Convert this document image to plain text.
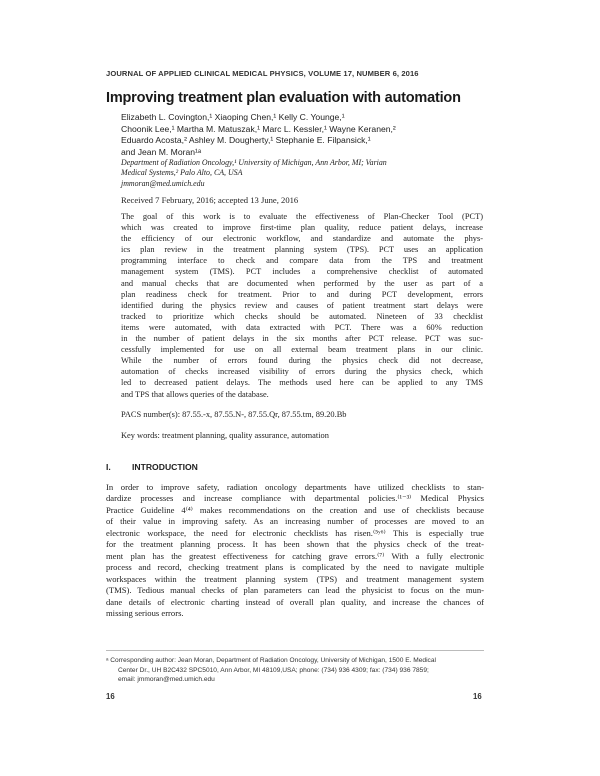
JOURNAL OF APPLIED CLINICAL MEDICAL PHYSICS, VOLUME 17, NUMBER 6, 2016
Improving treatment plan evaluation with automation
Elizabeth L. Covington,¹ Xiaoping Chen,¹ Kelly C. Younge,¹
Choonik Lee,¹ Martha M. Matuszak,¹ Marc L. Kessler,¹ Wayne Keranen,²
Eduardo Acosta,² Ashley M. Dougherty,¹ Stephanie E. Filpansick,¹
and Jean M. Moran¹ᵃ
Department of Radiation Oncology,¹ University of Michigan, Ann Arbor, MI; Varian
Medical Systems,² Palo Alto, CA, USA
jmmoran@med.umich.edu
Received 7 February, 2016; accepted 13 June, 2016
The goal of this work is to evaluate the effectiveness of Plan-Checker Tool (PCT)
which was created to improve first-time plan quality, reduce patient delays, increase
the efficiency of our electronic workflow, and standardize and automate the phys-
ics plan review in the treatment planning system (TPS). PCT uses an application
programming interface to check and compare data from the TPS and treatment
management system (TMS). PCT includes a comprehensive checklist of automated
and manual checks that are documented when performed by the user as part of a
plan readiness check for treatment. Prior to and during PCT development, errors
identified during the physics review and causes of patient treatment start delays were
tracked to prioritize which checks should be automated. Nineteen of 33 checklist
items were automated, with data extracted with PCT. There was a 60% reduction
in the number of patient delays in the six months after PCT release. PCT was suc-
cessfully implemented for use on all external beam treatment plans in our clinic.
While the number of errors found during the physics check did not decrease,
automation of checks increased visibility of errors during the physics check, which
led to decreased patient delays. The methods used here can be applied to any TMS
and TPS that allows queries of the database.
PACS number(s): 87.55.-x, 87.55.N-, 87.55.Qr, 87.55.tm, 89.20.Bb
Key words: treatment planning, quality assurance, automation
I. INTRODUCTION
In order to improve safety, radiation oncology departments have utilized checklists to stan-
dardize processes and increase compliance with departmental policies.⁽¹⁻³⁾ Medical Physics
Practice Guideline 4⁽⁴⁾ makes recommendations on the creation and use of checklists because
of their value in improving safety. As an increasing number of processes are moved to an
electronic workspace, the need for electronic checklists has risen.⁽⁵ʸ⁶⁾ This is especially true
for the treatment planning process. It has been shown that the physics check of the treat-
ment plan has the greatest effectiveness for catching grave errors.⁽⁷⁾ With a fully electronic
process and record, checking treatment plans is complicated by the need to navigate multiple
workspaces within the treatment planning system (TPS) and treatment management system
(TMS). Tedious manual checks of plan parameters can lead the physicist to focus on the mun-
dane details of electronic charting instead of overall plan quality, and increase the chances of
missing serious errors.
ᵃ Corresponding author: Jean Moran, Department of Radiation Oncology, University of Michigan, 1500 E. Medical
Center Dr., UH B2C432 SPC5010, Ann Arbor, MI 48109,USA; phone: (734) 936 4309; fax: (734) 936 7859;
email: jmmoran@med.umich.edu
16	16
